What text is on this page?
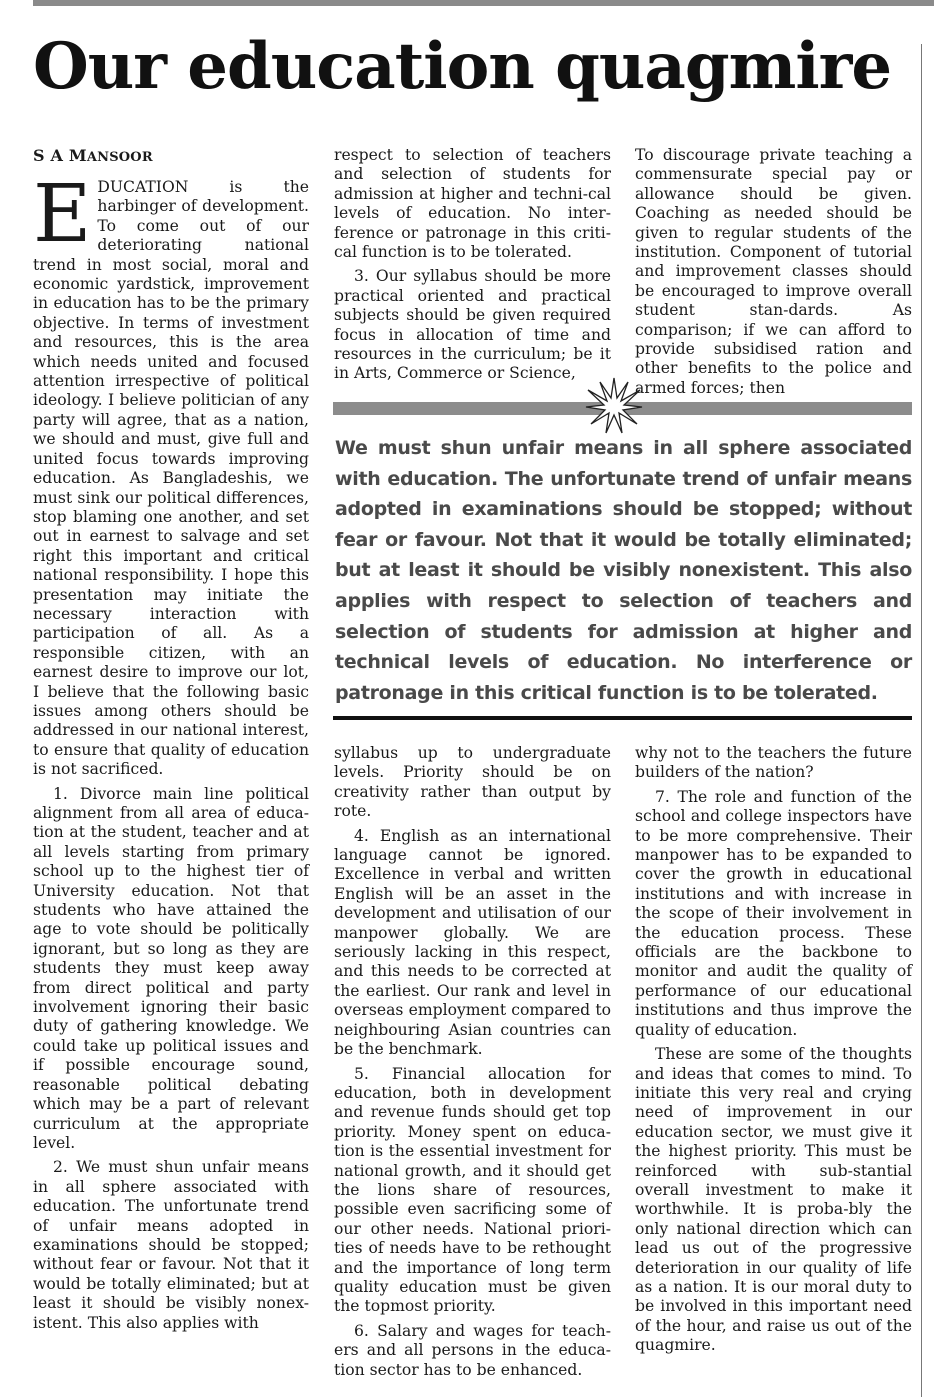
Our education quagmire
S A MANSOOR

EDUCATION is the harbinger of development. To come out of our deteriorating national trend in most social, moral and economic yardstick, improvement in education has to be the primary objective. In terms of investment and resources, this is the area which needs united and focused attention irrespective of political ideology. I believe politician of any party will agree, that as a nation, we should and must, give full and united focus towards improving education. As Bangladeshis, we must sink our political differences, stop blaming one another, and set out in earnest to salvage and set right this important and critical national responsibility. I hope this presentation may initiate the necessary interaction with participation of all. As a responsible citizen, with an earnest desire to improve our lot, I believe that the following basic issues among others should be addressed in our national interest, to ensure that quality of education is not sacrificed.

1. Divorce main line political alignment from all area of educa-tion at the student, teacher and at all levels starting from primary school up to the highest tier of University education. Not that students who have attained the age to vote should be politically ignorant, but so long as they are students they must keep away from direct political and party involvement ignoring their basic duty of gathering knowledge. We could take up political issues and if possible encourage sound, reasonable political debating which may be a part of relevant curriculum at the appropriate level.

2. We must shun unfair means in all sphere associated with education. The unfortunate trend of unfair means adopted in examinations should be stopped; without fear or favour. Not that it would be totally eliminated; but at least it should be visibly nonex-istent. This also applies with

respect to selection of teachers and selection of students for admission at higher and techni-cal levels of education. No inter-ference or patronage in this criti-cal function is to be tolerated.

3. Our syllabus should be more practical oriented and practical subjects should be given required focus in allocation of time and resources in the curriculum; be it in Arts, Commerce or Science,

To discourage private teaching a commensurate special pay or allowance should be given. Coaching as needed should be given to regular students of the institution. Component of tutorial and improvement classes should be encouraged to improve overall student stan-dards. As comparison; if we can afford to provide subsidised ration and other benefits to the police and armed forces; then

We must shun unfair means in all sphere associated with education. The unfortunate trend of unfair means adopted in examinations should be stopped; without fear or favour. Not that it would be totally eliminated; but at least it should be visibly nonexistent. This also applies with respect to selection of teachers and selection of students for admission at higher and technical levels of education. No interference or patronage in this critical function is to be tolerated.

syllabus up to undergraduate levels. Priority should be on creativity rather than output by rote.

4. English as an international language cannot be ignored. Excellence in verbal and written English will be an asset in the development and utilisation of our manpower globally. We are seriously lacking in this respect, and this needs to be corrected at the earliest. Our rank and level in overseas employment compared to neighbouring Asian countries can be the benchmark.

5. Financial allocation for education, both in development and revenue funds should get top priority. Money spent on educa-tion is the essential investment for national growth, and it should get the lions share of resources, possible even sacrificing some of our other needs. National priori-ties of needs have to be rethought and the importance of long term quality education must be given the topmost priority.

6. Salary and wages for teach-ers and all persons in the educa-tion sector has to be enhanced.

why not to the teachers the future builders of the nation?

7. The role and function of the school and college inspectors have to be more comprehensive. Their manpower has to be expanded to cover the growth in educational institutions and with increase in the scope of their involvement in the education process. These officials are the backbone to monitor and audit the quality of performance of our educational institutions and thus improve the quality of education.

These are some of the thoughts and ideas that comes to mind. To initiate this very real and crying need of improvement in our education sector, we must give it the highest priority. This must be reinforced with sub-stantial overall investment to make it worthwhile. It is proba-bly the only national direction which can lead us out of the progressive deterioration in our quality of life as a nation. It is our moral duty to be involved in this important need of the hour, and raise us out of the quagmire.
